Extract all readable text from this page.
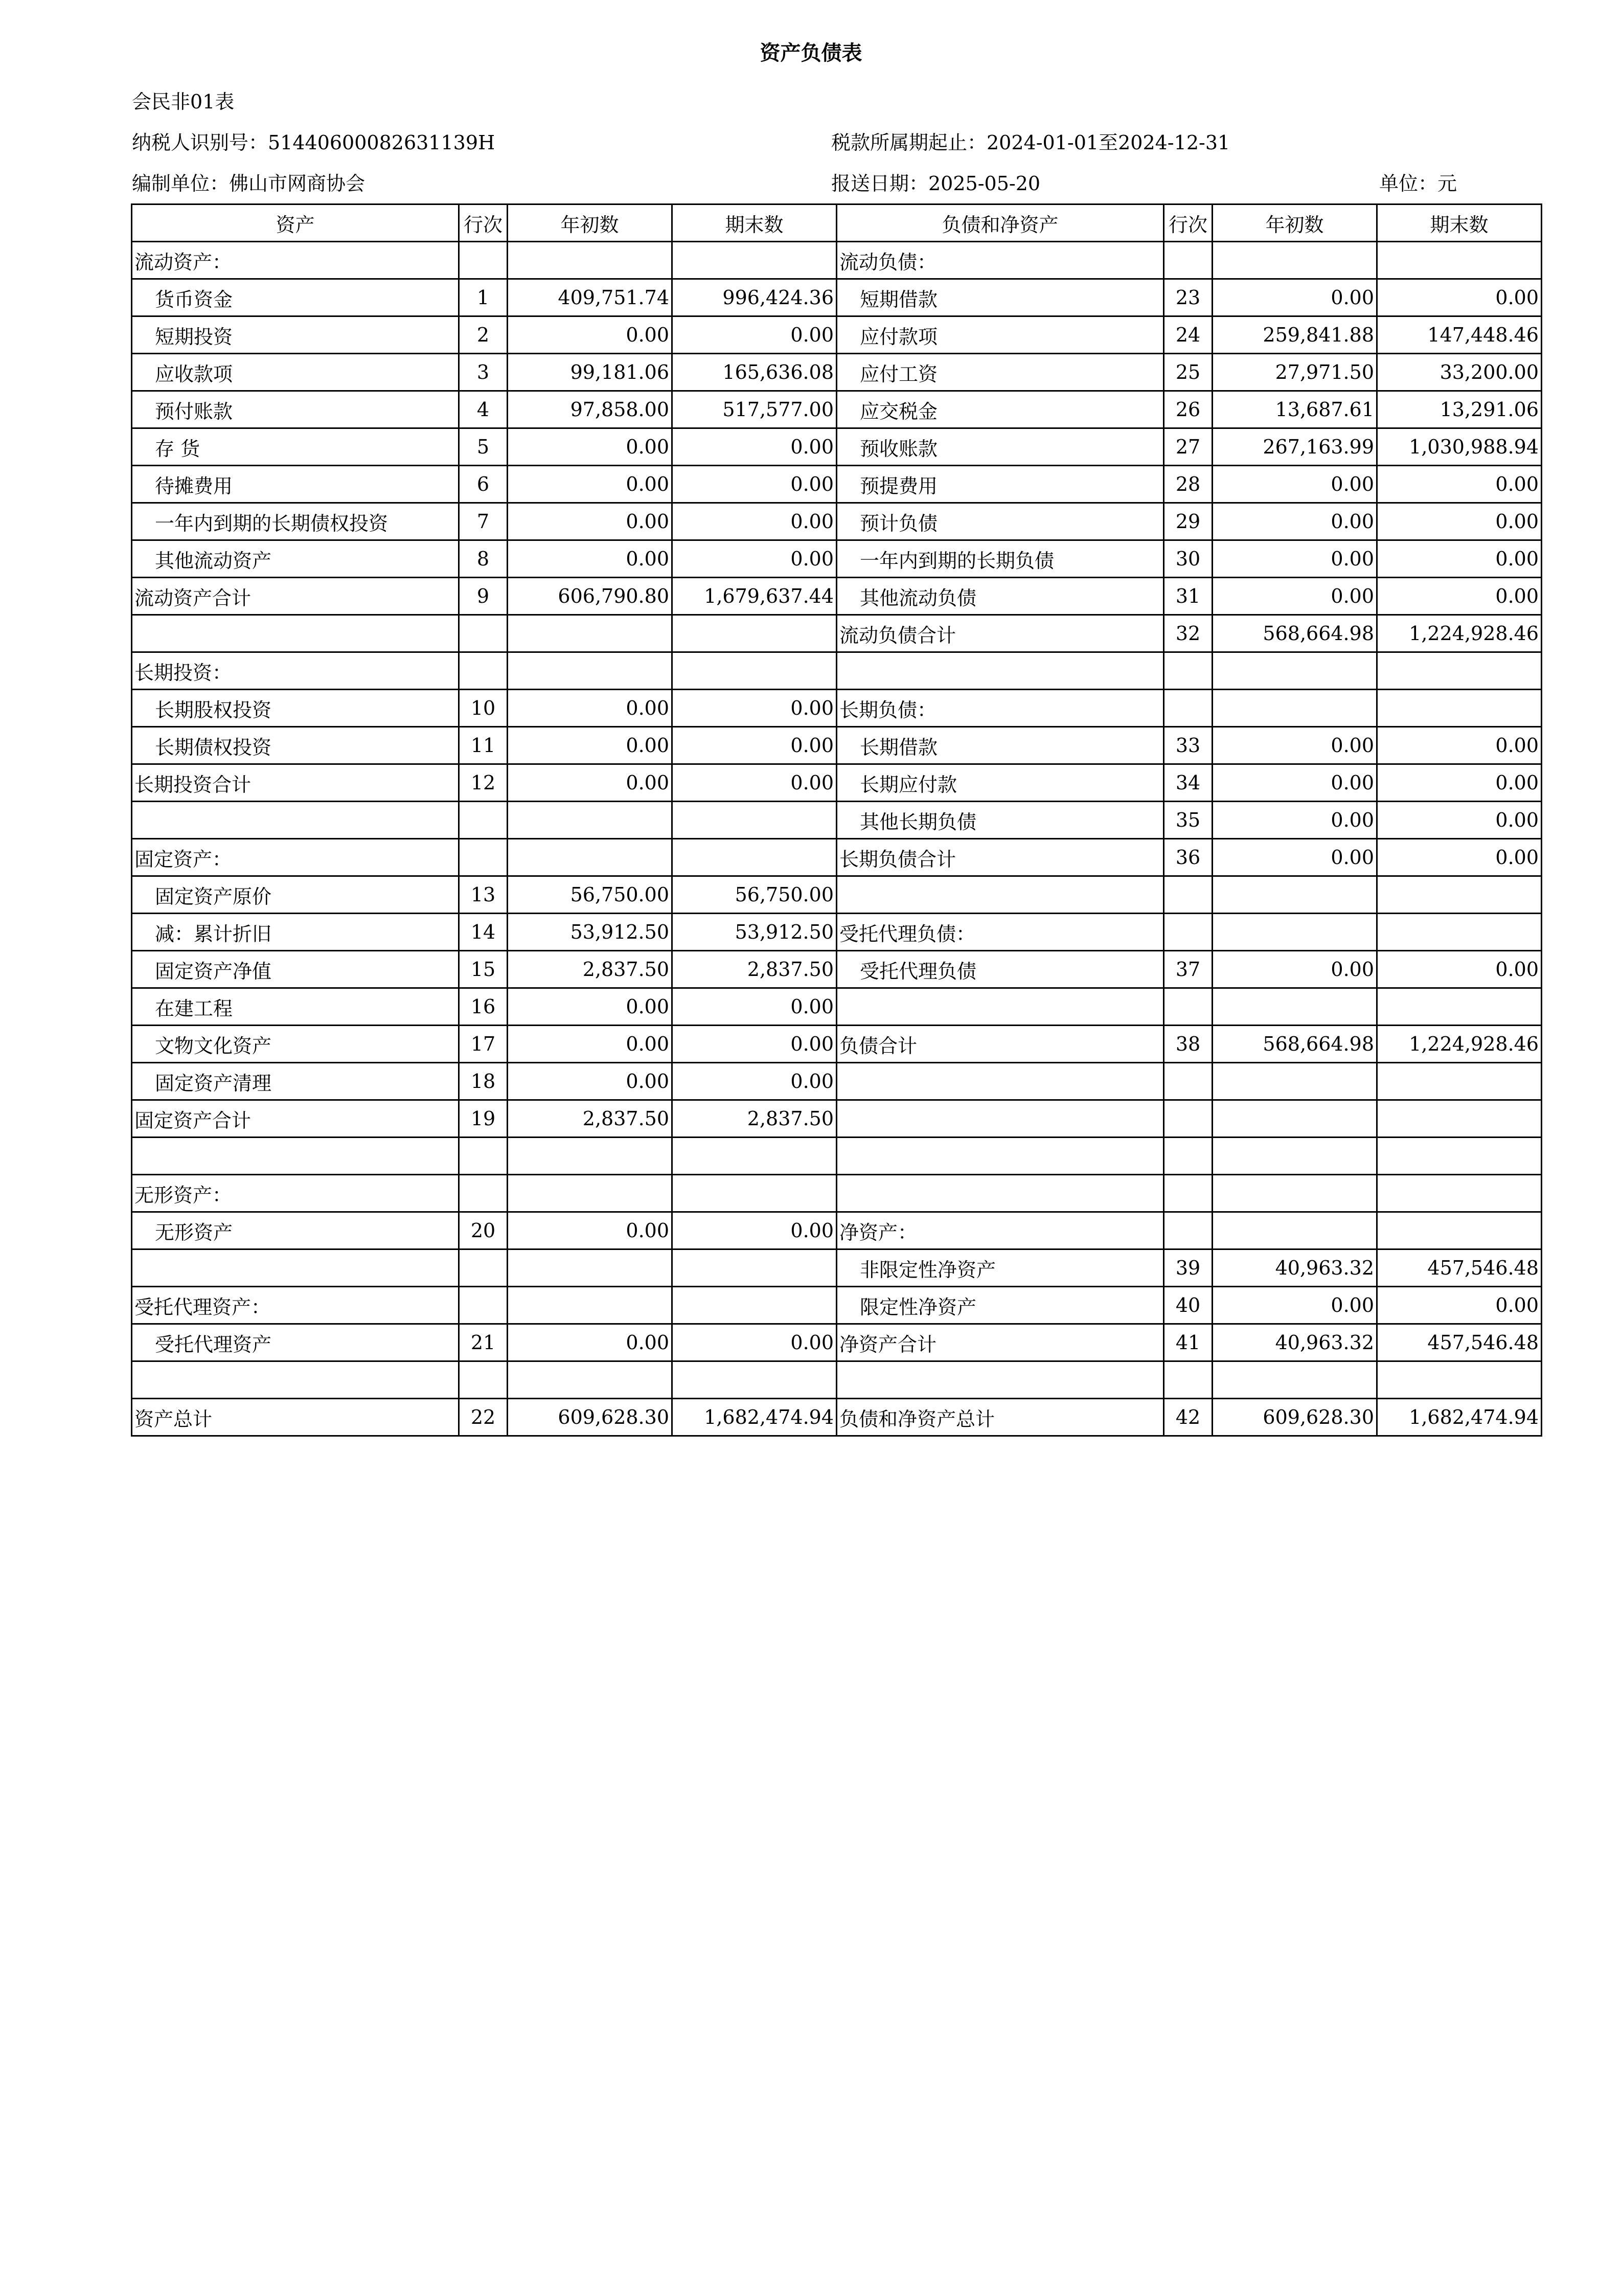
资产负债表
会民非01表
纳税人识别号：5144060008263113​9H	税款所属期起止：2024-01-01至2024-12-31
编制单位：佛山市网商协会	报送日期：2025-05-20	单位：元
资产	行次	年初数	期末数	负债和净资产	行次	年初数	期末数
流动资产：				流动负债：			
货币资金	1	409,751.74	996,424.36	短期借款	23	0.00	0.00
短期投资	2	0.00	0.00	应付款项	24	259,841.88	147,448.46
应收款项	3	99,181.06	165,636.08	应付工资	25	27,971.50	33,200.00
预付账款	4	97,858.00	517,577.00	应交税金	26	13,687.61	13,291.06
存 货	5	0.00	0.00	预收账款	27	267,163.99	1,030,988.94
待摊费用	6	0.00	0.00	预提费用	28	0.00	0.00
一年内到期的长期债权投资	7	0.00	0.00	预计负债	29	0.00	0.00
其他流动资产	8	0.00	0.00	一年内到期的长期负债	30	0.00	0.00
流动资产合计	9	606,790.80	1,679,637.44	其他流动负债	31	0.00	0.00
				流动负债合计	32	568,664.98	1,224,928.46
长期投资：							
长期股权投资	10	0.00	0.00	长期负债：			
长期债权投资	11	0.00	0.00	长期借款	33	0.00	0.00
长期投资合计	12	0.00	0.00	长期应付款	34	0.00	0.00
				其他长期负债	35	0.00	0.00
固定资产：				长期负债合计	36	0.00	0.00
固定资产原价	13	56,750.00	56,750.00				
减：累计折旧	14	53,912.50	53,912.50	受托代理负债：			
固定资产净值	15	2,837.50	2,837.50	受托代理负债	37	0.00	0.00
在建工程	16	0.00	0.00				
文物文化资产	17	0.00	0.00	负债合计	38	568,664.98	1,224,928.46
固定资产清理	18	0.00	0.00				
固定资产合计	19	2,837.50	2,837.50				

无形资产：							
无形资产	20	0.00	0.00	净资产：			
				非限定性净资产	39	40,963.32	457,546.48
受托代理资产：				限定性净资产	40	0.00	0.00
受托代理资产	21	0.00	0.00	净资产合计	41	40,963.32	457,546.48

资产总计	22	609,628.30	1,682,474.94	负债和净资产总计	42	609,628.30	1,682,474.94
